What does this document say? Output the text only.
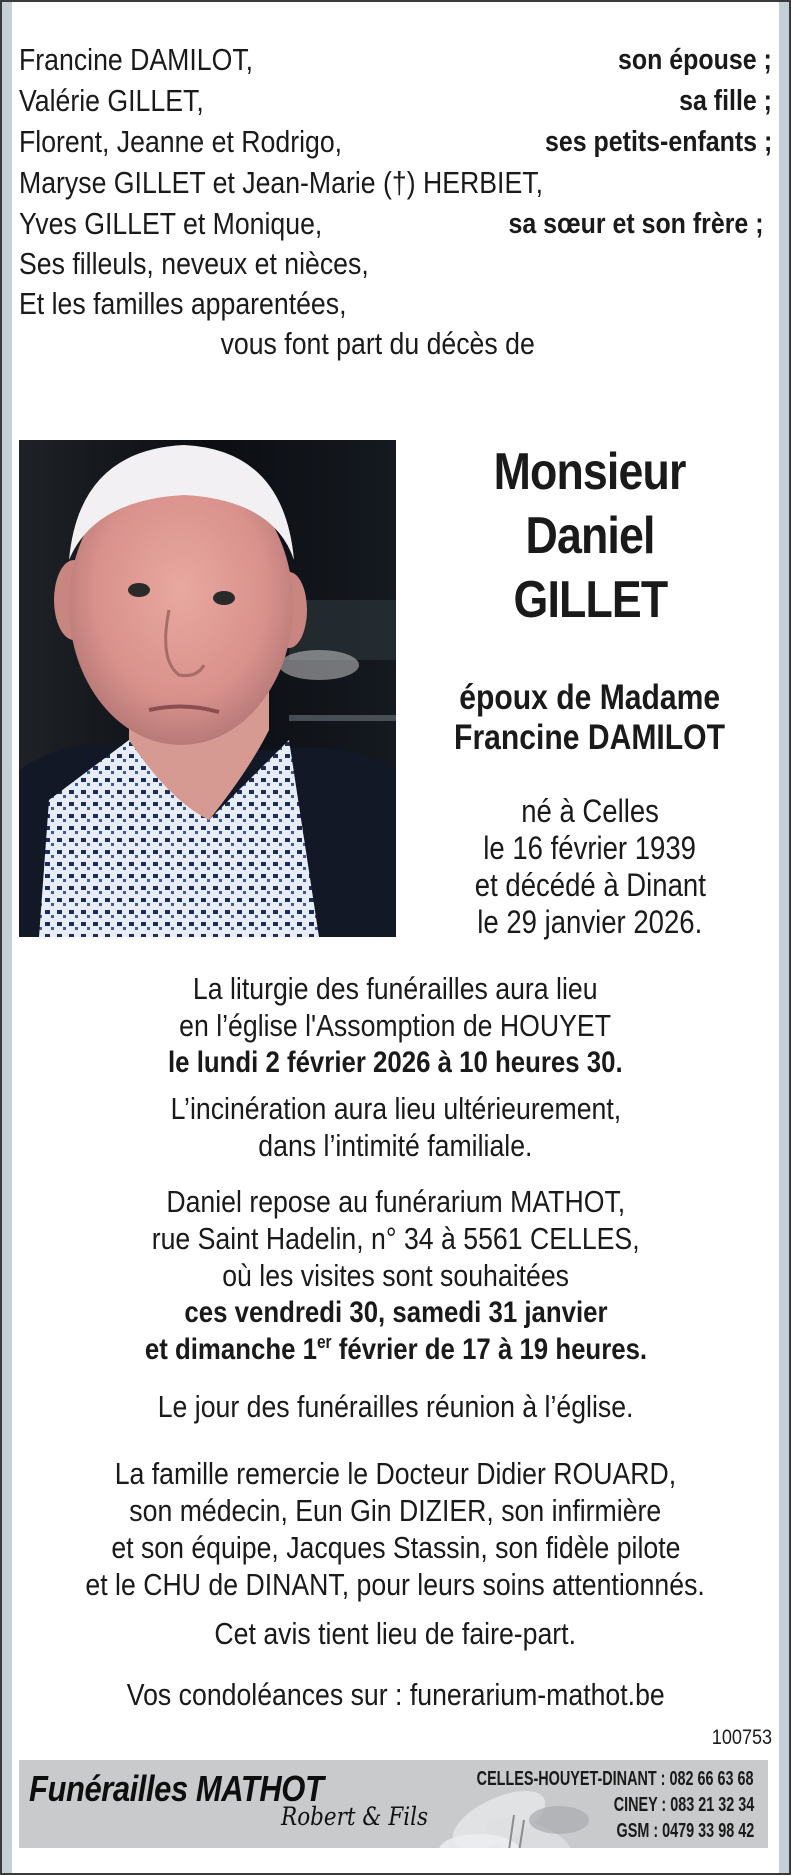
Francine DAMILOT,	son épouse ;
Valérie GILLET,	sa fille ;
Florent, Jeanne et Rodrigo,	ses petits-enfants ;
Maryse GILLET et Jean-Marie (†) HERBIET,
Yves GILLET et Monique,	sa sœur et son frère ;
Ses filleuls, neveux et nièces,
Et les familles apparentées,
vous font part du décès de
Monsieur
Daniel
GILLET
époux de Madame
Francine DAMILOT
né à Celles
le 16 février 1939
et décédé à Dinant
le 29 janvier 2026.
La liturgie des funérailles aura lieu
en l’église l'Assomption de HOUYET
le lundi 2 février 2026 à 10 heures 30.
L’incinération aura lieu ultérieurement,
dans l’intimité familiale.
Daniel repose au funérarium MATHOT,
rue Saint Hadelin, n° 34 à 5561 CELLES,
où les visites sont souhaitées
ces vendredi 30, samedi 31 janvier
et dimanche 1er février de 17 à 19 heures.
Le jour des funérailles réunion à l’église.
La famille remercie le Docteur Didier ROUARD,
son médecin, Eun Gin DIZIER, son infirmière
et son équipe, Jacques Stassin, son fidèle pilote
et le CHU de DINANT, pour leurs soins attentionnés.
Cet avis tient lieu de faire-part.
Vos condoléances sur : funerarium-mathot.be
100753
Funérailles MATHOT
Robert & Fils
CELLES-HOUYET-DINANT : 082 66 63 68
CINEY : 083 21 32 34
GSM : 0479 33 98 42
